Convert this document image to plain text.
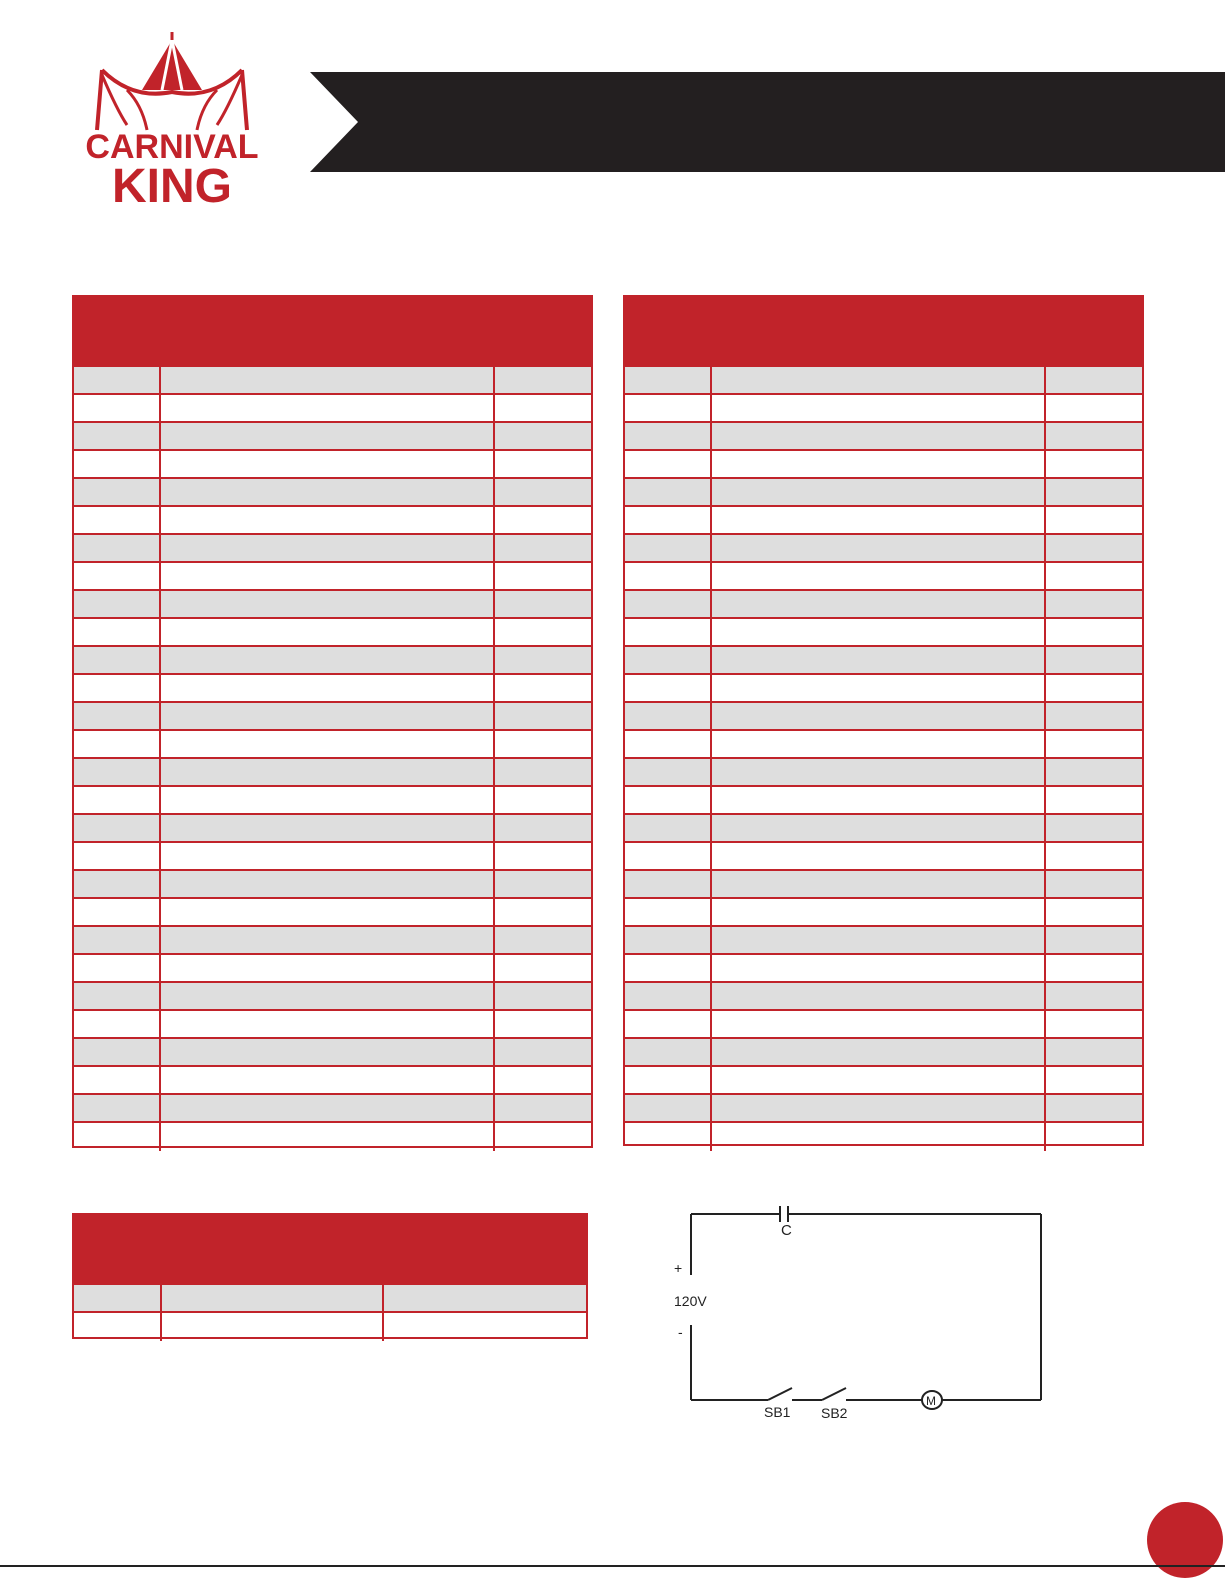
CARNIVAL
KING
C
+
120V
-
SB1 SB2
M
